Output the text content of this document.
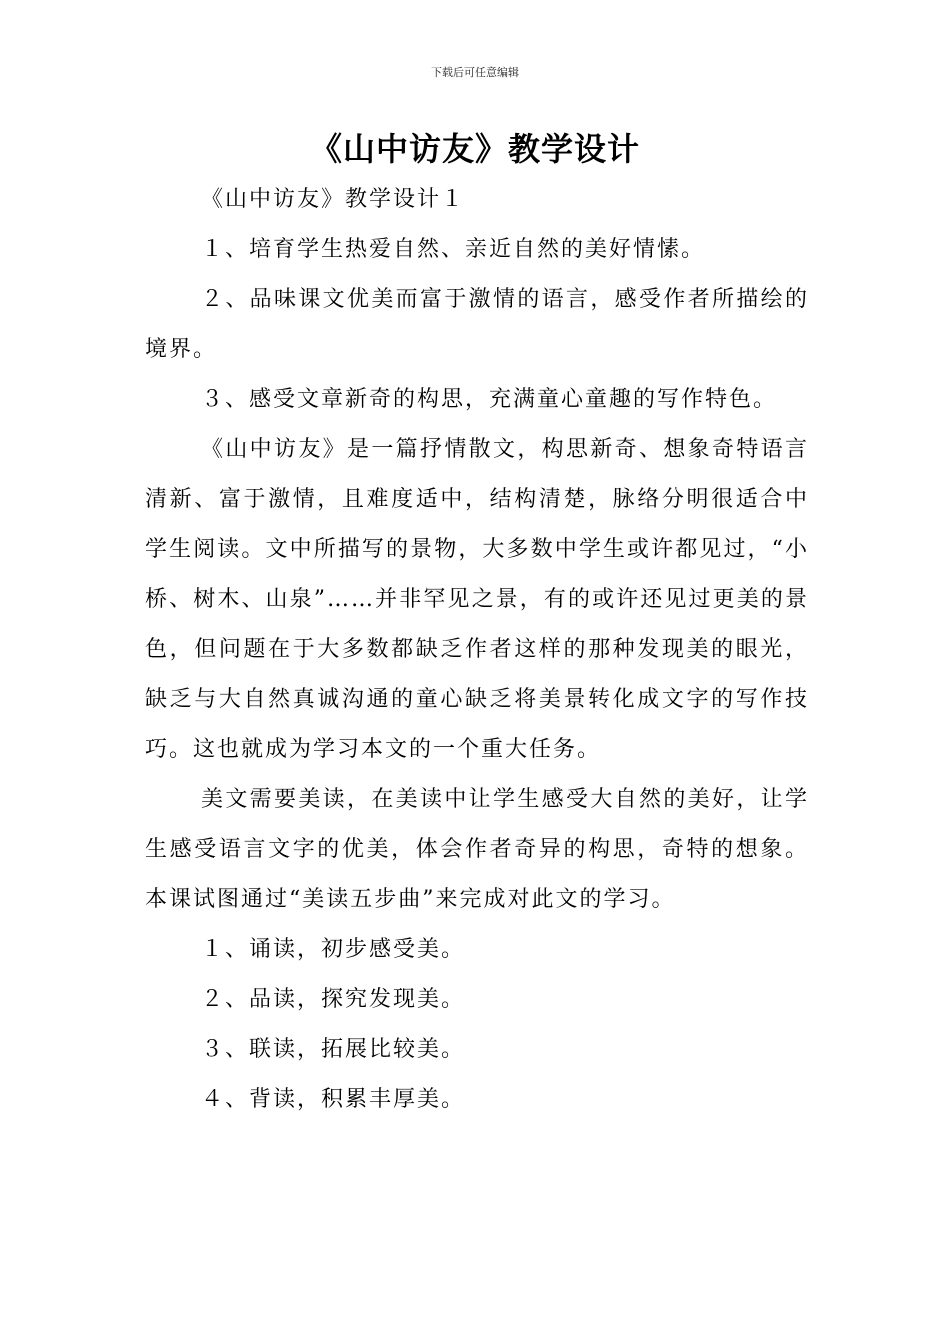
下载后可任意编辑
《山中访友》教学设计

《山中访友》教学设计１

１、培育学生热爱自然、亲近自然的美好情愫。

２、品味课文优美而富于激情的语言，感受作者所描绘的境界。

３、感受文章新奇的构思，充满童心童趣的写作特色。

《山中访友》是一篇抒情散文，构思新奇、想象奇特语言清新、富于激情，且难度适中，结构清楚，脉络分明很适合中学生阅读。文中所描写的景物，大多数中学生或许都见过，“小桥、树木、山泉”……并非罕见之景，有的或许还见过更美的景色，但问题在于大多数都缺乏作者这样的那种发现美的眼光，缺乏与大自然真诚沟通的童心缺乏将美景转化成文字的写作技巧。这也就成为学习本文的一个重大任务。

美文需要美读，在美读中让学生感受大自然的美好，让学生感受语言文字的优美，体会作者奇异的构思，奇特的想象。本课试图通过“美读五步曲”来完成对此文的学习。

１、诵读，初步感受美。

２、品读，探究发现美。

３、联读，拓展比较美。

４、背读，积累丰厚美。
